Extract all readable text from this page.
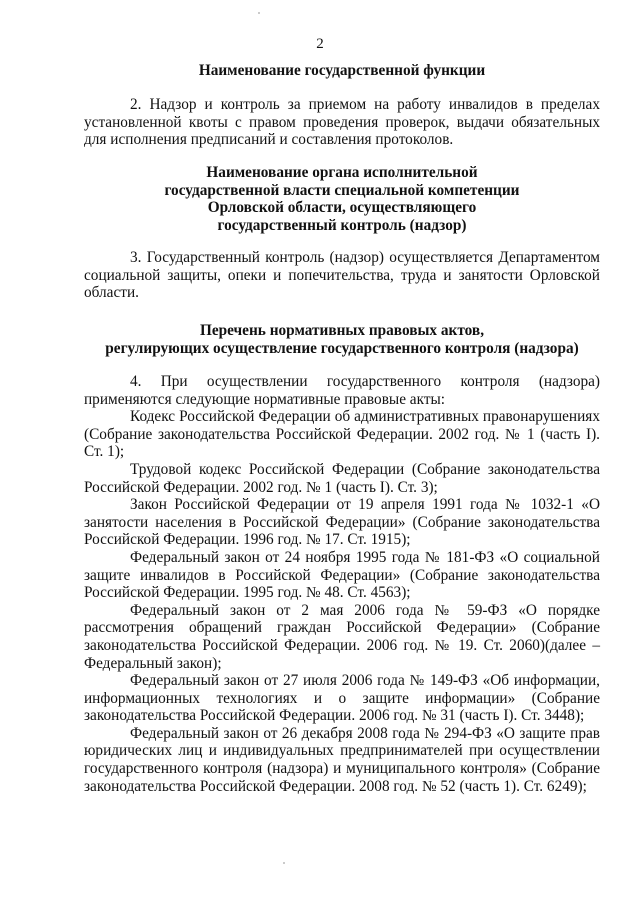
2

Наименование государственной функции

2. Надзор и контроль за приемом на работу инвалидов в пределах установленной квоты с правом проведения проверок, выдачи обязательных для исполнения предписаний и составления протоколов.

Наименование органа исполнительной

государственной власти специальной компетенции

Орловской области, осуществляющего

государственный контроль (надзор)

3. Государственный контроль (надзор) осуществляется Департаментом социальной защиты, опеки и попечительства, труда и занятости Орловской области.

Перечень нормативных правовых актов,

регулирующих осуществление государственного контроля (надзора)

4. При осуществлении государственного контроля (надзора) применяются следующие нормативные правовые акты:

Кодекс Российской Федерации об административных правонарушениях (Собрание законодательства Российской Федерации. 2002 год. № 1 (часть I). Ст. 1);

Трудовой кодекс Российской Федерации (Собрание законодательства Российской Федерации. 2002 год. № 1 (часть I). Ст. 3);

Закон Российской Федерации от 19 апреля 1991 года № 1032-1 «О занятости населения в Российской Федерации» (Собрание законодательства Российской Федерации. 1996 год. № 17. Ст. 1915);

Федеральный закон от 24 ноября 1995 года № 181-ФЗ «О социальной защите инвалидов в Российской Федерации» (Собрание законодательства Российской Федерации. 1995 год. № 48. Ст. 4563);

Федеральный закон от 2 мая 2006 года № 59-ФЗ «О порядке рассмотрения обращений граждан Российской Федерации» (Собрание законодательства Российской Федерации. 2006 год. № 19. Ст. 2060)(далее – Федеральный закон);

Федеральный закон от 27 июля 2006 года № 149-ФЗ «Об информации, информационных технологиях и о защите информации» (Собрание законодательства Российской Федерации. 2006 год. № 31 (часть I). Ст. 3448);

Федеральный закон от 26 декабря 2008 года № 294-ФЗ «О защите прав юридических лиц и индивидуальных предпринимателей при осуществлении государственного контроля (надзора) и муниципального контроля» (Собрание законодательства Российской Федерации. 2008 год. № 52 (часть 1). Ст. 6249);
